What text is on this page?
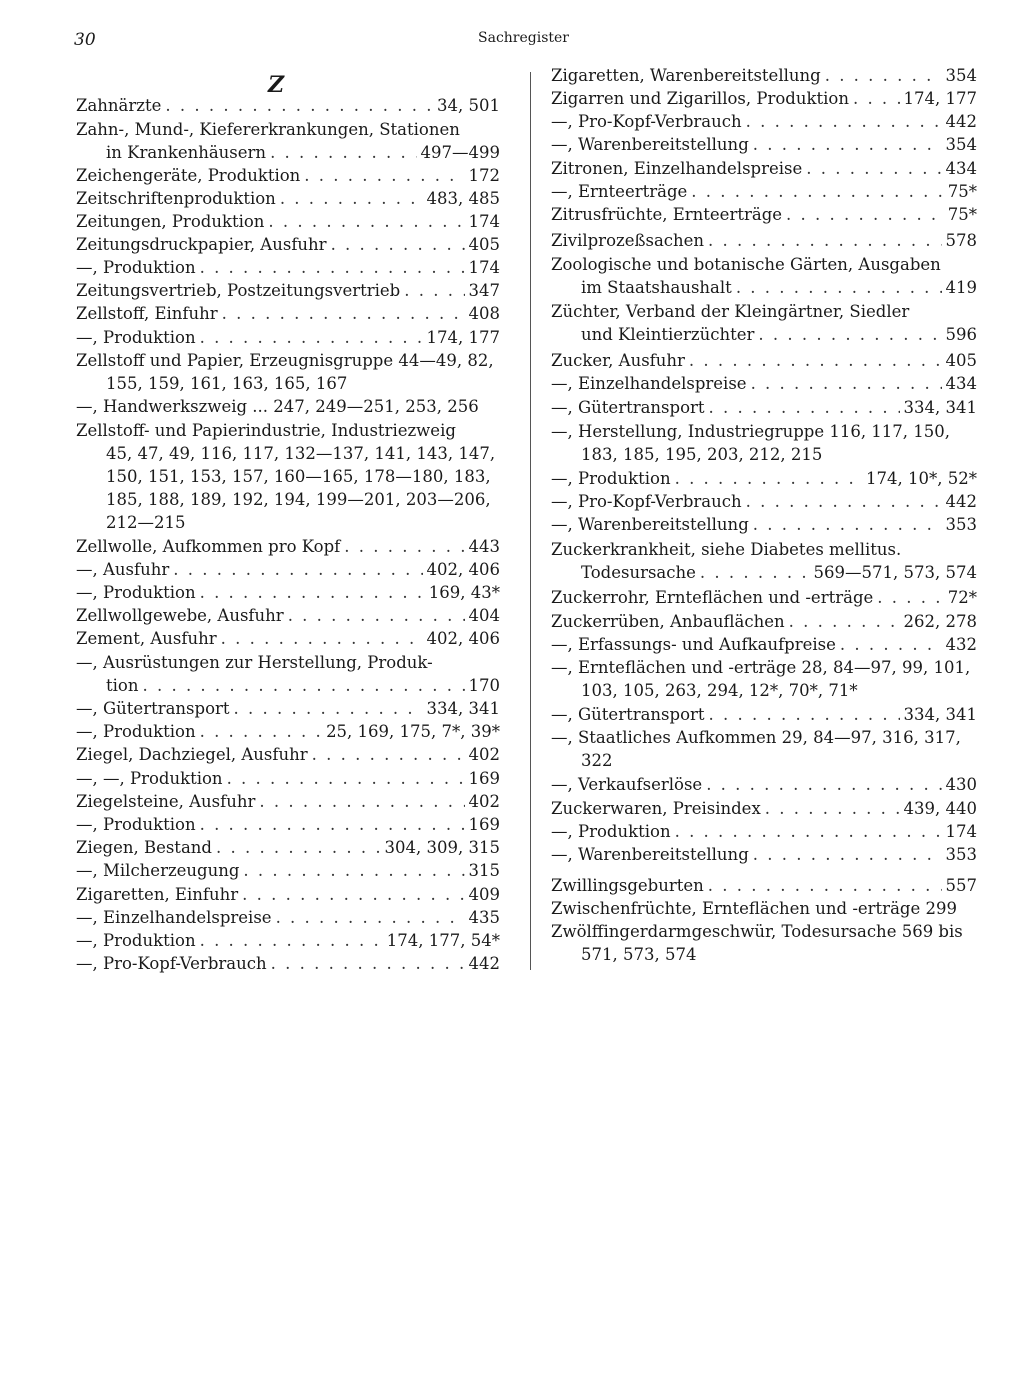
30	Sachregister
Z
Zahnärzte . . .	34, 501
Zahn-, Mund-, Kiefererkrankungen, Stationen
in Krankenhäusern . . .	497—499
Zeichengeräte, Produktion . . .	172
Zeitschriftenproduktion . . .	483, 485
Zeitungen, Produktion . . .	174
Zeitungsdruckpapier, Ausfuhr . . .	405
—, Produktion . . .	174
Zeitungsvertrieb, Postzeitungsvertrieb . . .	347
Zellstoff, Einfuhr . . .	408
—, Produktion . . .	174, 177
Zellstoff und Papier, Erzeugnisgruppe 44—49, 82,
155, 159, 161, 163, 165, 167
—, Handwerkszweig ... 247, 249—251, 253, 256
Zellstoff- und Papierindustrie, Industriezweig
45, 47, 49, 116, 117, 132—137, 141, 143, 147,
150, 151, 153, 157, 160—165, 178—180, 183,
185, 188, 189, 192, 194, 199—201, 203—206,
212—215
Zellwolle, Aufkommen pro Kopf . . .	443
—, Ausfuhr . . .	402, 406
—, Produktion . . .	169, 43*
Zellwollgewebe, Ausfuhr . . .	404
Zement, Ausfuhr . . .	402, 406
—, Ausrüstungen zur Herstellung, Produk-
tion . . .	170
—, Gütertransport . . .	334, 341
—, Produktion . . .	25, 169, 175, 7*, 39*
Ziegel, Dachziegel, Ausfuhr . . .	402
—, —, Produktion . . .	169
Ziegelsteine, Ausfuhr . . .	402
—, Produktion . . .	169
Ziegen, Bestand . . .	304, 309, 315
—, Milcherzeugung . . .	315
Zigaretten, Einfuhr . . .	409
—, Einzelhandelspreise . . .	435
—, Produktion . . .	174, 177, 54*
—, Pro-Kopf-Verbrauch . . .	442
Zigaretten, Warenbereitstellung . . .	354
Zigarren und Zigarillos, Produktion . . .	174, 177
—, Pro-Kopf-Verbrauch . . .	442
—, Warenbereitstellung . . .	354
Zitronen, Einzelhandelspreise . . .	434
—, Ernteerträge . . .	75*
Zitrusfrüchte, Ernteerträge . . .	75*
Zivilprozeßsachen . . .	578
Zoologische und botanische Gärten, Ausgaben
im Staatshaushalt . . .	419
Züchter, Verband der Kleingärtner, Siedler
und Kleintierzüchter . . .	596
Zucker, Ausfuhr . . .	405
—, Einzelhandelspreise . . .	434
—, Gütertransport . . .	334, 341
—, Herstellung, Industriegruppe 116, 117, 150,
183, 185, 195, 203, 212, 215
—, Produktion . . .	174, 10*, 52*
—, Pro-Kopf-Verbrauch . . .	442
—, Warenbereitstellung . . .	353
Zuckerkrankheit, siehe Diabetes mellitus.
Todesursache . . .	569—571, 573, 574
Zuckerrohr, Ernteflächen und -erträge . . .	72*
Zuckerrüben, Anbauflächen . . .	262, 278
—, Erfassungs- und Aufkaufpreise . . .	432
—, Ernteflächen und -erträge 28, 84—97, 99, 101,
103, 105, 263, 294, 12*, 70*, 71*
—, Gütertransport . . .	334, 341
—, Staatliches Aufkommen 29, 84—97, 316, 317,
322
—, Verkaufserlöse . . .	430
Zuckerwaren, Preisindex . . .	439, 440
—, Produktion . . .	174
—, Warenbereitstellung . . .	353
Zwillingsgeburten . . .	557
Zwischenfrüchte, Ernteflächen und -erträge 299
Zwölffingerdarmgeschwür, Todesursache 569 bis
571, 573, 574
